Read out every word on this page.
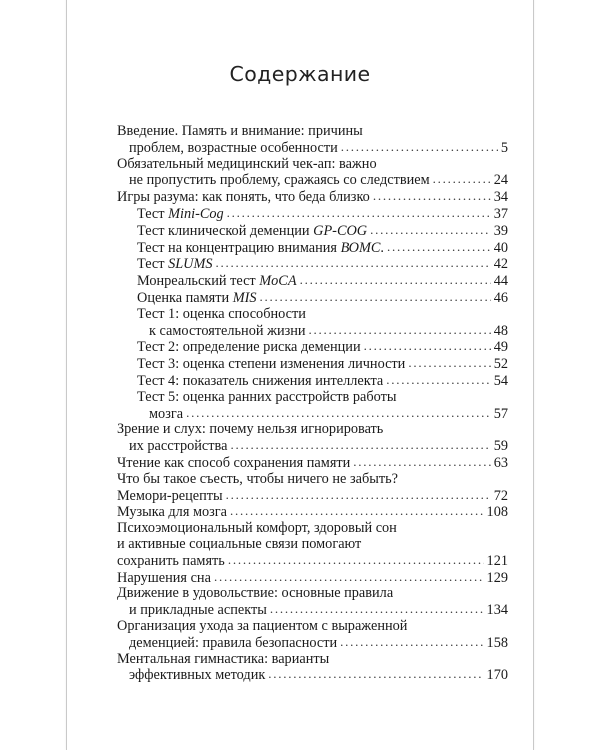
Содержание
Введение. Память и внимание: причины
проблем, возрастные особенности . . .	5
Обязательный медицинский чек-ап: важно
не пропустить проблему, сражаясь со следствием . . .	24
Игры разума: как понять, что беда близко . . .	34
Тест Mini-Cog . . .	37
Тест клинической деменции GP-COG . . .	39
Тест на концентрацию внимания ВОМС. . . .	40
Тест SLUMS . . .	42
Монреальский тест MoCA . . .	44
Оценка памяти MIS . . .	46
Тест 1: оценка способности
к самостоятельной жизни . . .	48
Тест 2: определение риска деменции . . .	49
Тест 3: оценка степени изменения личности . . .	52
Тест 4: показатель снижения интеллекта . . .	54
Тест 5: оценка ранних расстройств работы
мозга . . .	57
Зрение и слух: почему нельзя игнорировать
их расстройства . . .	59
Чтение как способ сохранения памяти . . .	63
Что бы такое съесть, чтобы ничего не забыть?
Мемори-рецепты . . .	72
Музыка для мозга . . .	108
Психоэмоциональный комфорт, здоровый сон
и активные социальные связи помогают
сохранить память . . .	121
Нарушения сна . . .	129
Движение в удовольствие: основные правила
и прикладные аспекты . . .	134
Организация ухода за пациентом с выраженной
деменцией: правила безопасности . . .	158
Ментальная гимнастика: варианты
эффективных методик . . .	170
